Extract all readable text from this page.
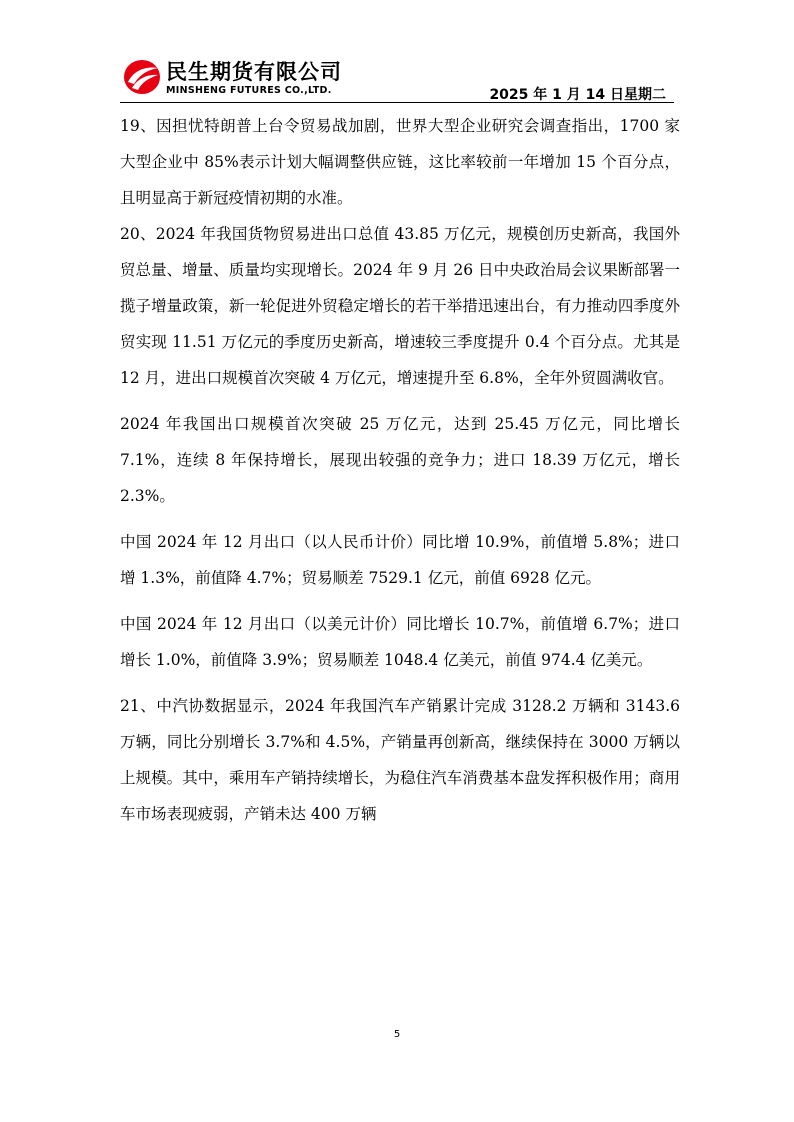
民生期货有限公司
MINSHENG FUTURES CO.,LTD.	2025 年 1 月 14 日星期二

19、因担忧特朗普上台令贸易战加剧，世界大型企业研究会调查指出，1700 家大型企业中 85%表示计划大幅调整供应链，这比率较前一年增加 15 个百分点，且明显高于新冠疫情初期的水准。

20、2024 年我国货物贸易进出口总值 43.85 万亿元，规模创历史新高，我国外贸总量、增量、质量均实现增长。2024 年 9 月 26 日中央政治局会议果断部署一揽子增量政策，新一轮促进外贸稳定增长的若干举措迅速出台，有力推动四季度外贸实现 11.51 万亿元的季度历史新高，增速较三季度提升 0.4 个百分点。尤其是 12 月，进出口规模首次突破 4 万亿元，增速提升至 6.8%，全年外贸圆满收官。

2024 年我国出口规模首次突破 25 万亿元，达到 25.45 万亿元，同比增长 7.1%，连续 8 年保持增长，展现出较强的竞争力；进口 18.39 万亿元，增长 2.3%。

中国 2024 年 12 月出口（以人民币计价）同比增 10.9%，前值增 5.8%；进口增 1.3%，前值降 4.7%；贸易顺差 7529.1 亿元，前值 6928 亿元。

中国 2024 年 12 月出口（以美元计价）同比增长 10.7%，前值增 6.7%；进口增长 1.0%，前值降 3.9%；贸易顺差 1048.4 亿美元，前值 974.4 亿美元。

21、中汽协数据显示，2024 年我国汽车产销累计完成 3128.2 万辆和 3143.6 万辆，同比分别增长 3.7%和 4.5%，产销量再创新高，继续保持在 3000 万辆以上规模。其中，乘用车产销持续增长，为稳住汽车消费基本盘发挥积极作用；商用车市场表现疲弱，产销未达 400 万辆

5
